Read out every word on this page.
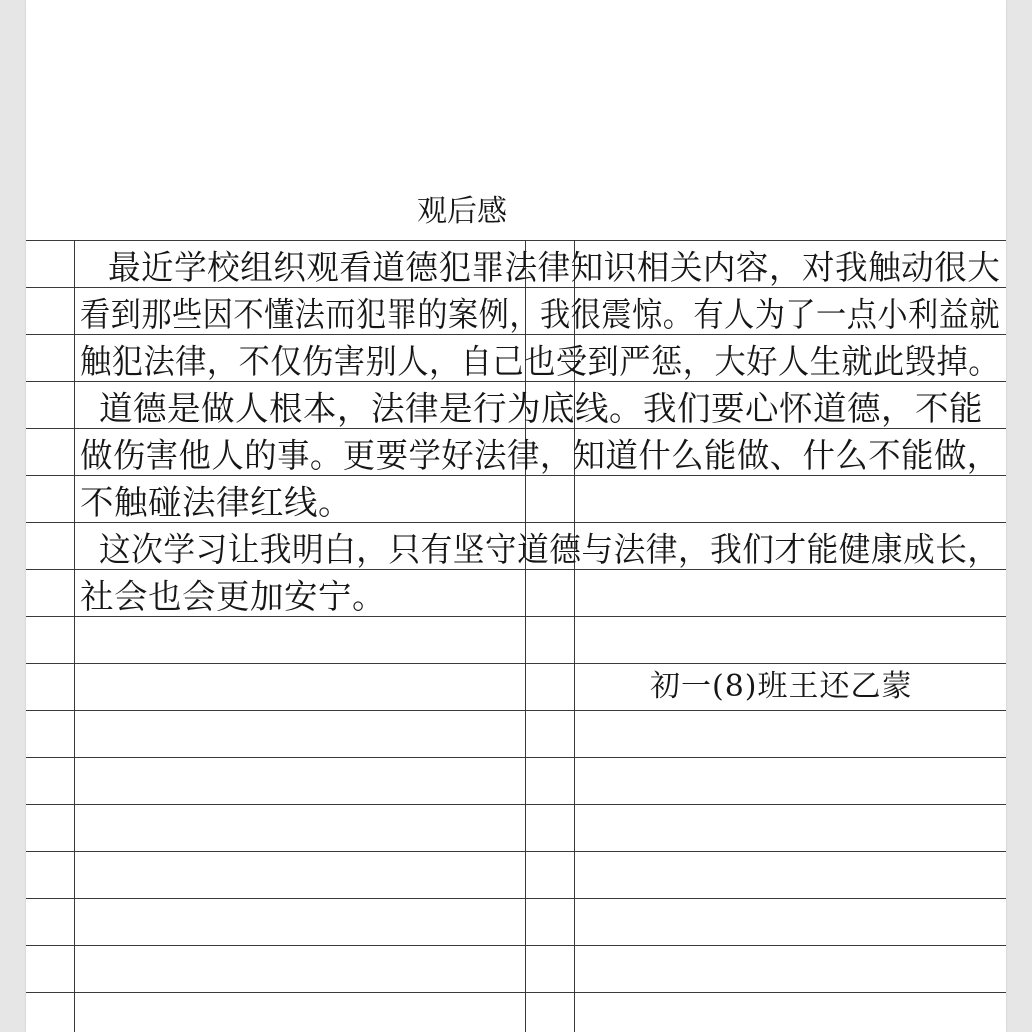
观后感
最近学校组织观看道德犯罪法律知识相关内容，对我触动很大
看到那些因不懂法而犯罪的案例，我很震惊。有人为了一点小利益就
触犯法律，不仅伤害别人，自己也受到严惩，大好人生就此毁掉。
道德是做人根本，法律是行为底线。我们要心怀道德，不能
做伤害他人的事。更要学好法律，知道什么能做、什么不能做，
不触碰法律红线。
这次学习让我明白，只有坚守道德与法律，我们才能健康成长，
社会也会更加安宁。
初一(8)班王还乙蒙
